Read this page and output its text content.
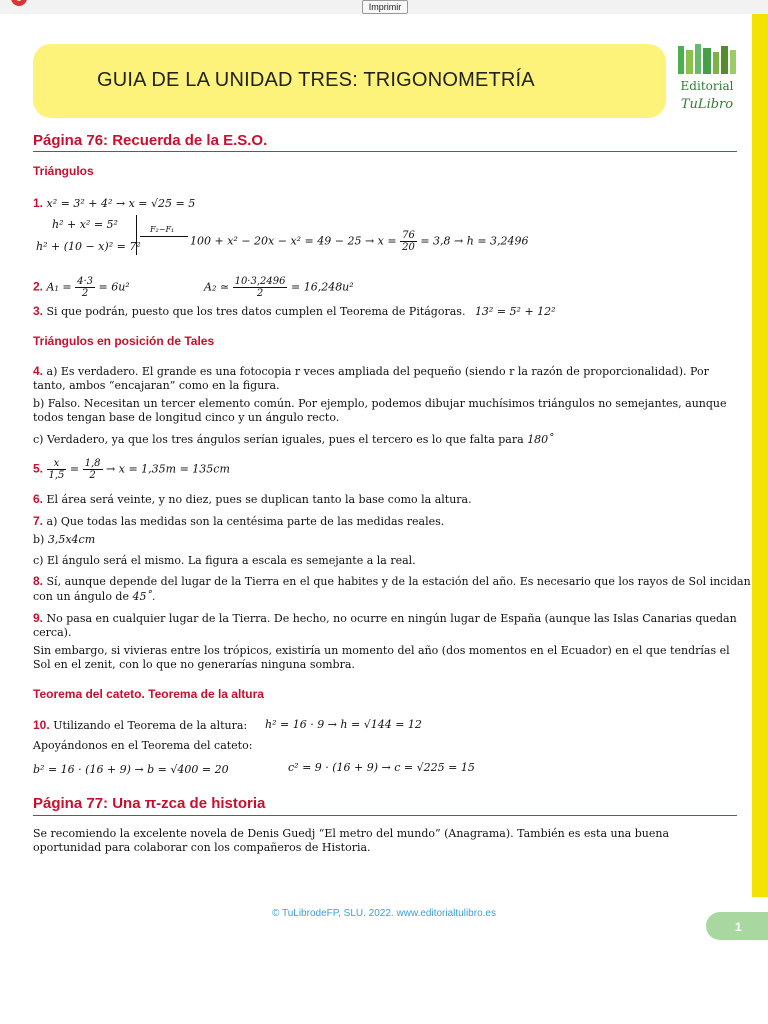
Imprimir
GUIA DE LA UNIDAD TRES: TRIGONOMETRÍA	Editorial
TuLibro
Página 76: Recuerda de la E.S.O.
Triángulos
1. x² = 3² + 4² → x = √25 = 5
h² + x² = 5²
h² + (10 − x)² = 7²
F₂−F₁
$100 + x^2 - 20x - x^2 = 49 - 25 \to x = \frac{76}{20} = 3,8 \to h = 3,2496$
2. $A_1 = \frac{4\cdot 3}{2} = 6u^2$	A₂ ≃ $\frac{10\cdot 3,2496}{2} = 16,248u^2$
3. Si que podrán, puesto que los tres datos cumplen el Teorema de Pitágoras. 13² = 5² + 12²
Triángulos en posición de Tales
4. a) Es verdadero. El grande es una fotocopia r veces ampliada del pequeño (siendo r la razón de proporcionalidad). Por tanto, ambos “encajaran” como en la figura.
b) Falso. Necesitan un tercer elemento común. Por ejemplo, podemos dibujar muchísimos triángulos no semejantes, aunque todos tengan base de longitud cinco y un ángulo recto.
c) Verdadero, ya que los tres ángulos serían iguales, pues el tercero es lo que falta para 180˚
5. $\frac{x}{1,5} = \frac{1,8}{2} \to x = 1,35m = 135cm$
6. El área será veinte, y no diez, pues se duplican tanto la base como la altura.
7. a) Que todas las medidas son la centésima parte de las medidas reales.
b) 3,5x4cm
c) El ángulo será el mismo. La figura a escala es semejante a la real.
8. Sí, aunque depende del lugar de la Tierra en el que habites y de la estación del año. Es necesario que los rayos de Sol incidan
con un ángulo de 45˚.
9. No pasa en cualquier lugar de la Tierra. De hecho, no ocurre en ningún lugar de España (aunque las Islas Canarias quedan cerca).
Sin embargo, si vivieras entre los trópicos, existiría un momento del año (dos momentos en el Ecuador) en el que tendrías el Sol en el zenit, con lo que no generarías ninguna sombra.
Teorema del cateto. Teorema de la altura
10. Utilizando el Teorema de la altura: h² = 16 · 9 → h = √144 = 12
Apoyándonos en el Teorema del cateto:
b² = 16 · (16 + 9) → b = √400 = 20	c² = 9 · (16 + 9) → c = √225 = 15
Página 77: Una π-zca de historia
Se recomiendo la excelente novela de Denis Guedj “El metro del mundo” (Anagrama). También es esta una buena oportunidad para colaborar con los compañeros de Historia.
© TuLibrodeFP, SLU. 2022. www.editorialtulibro.es
1
